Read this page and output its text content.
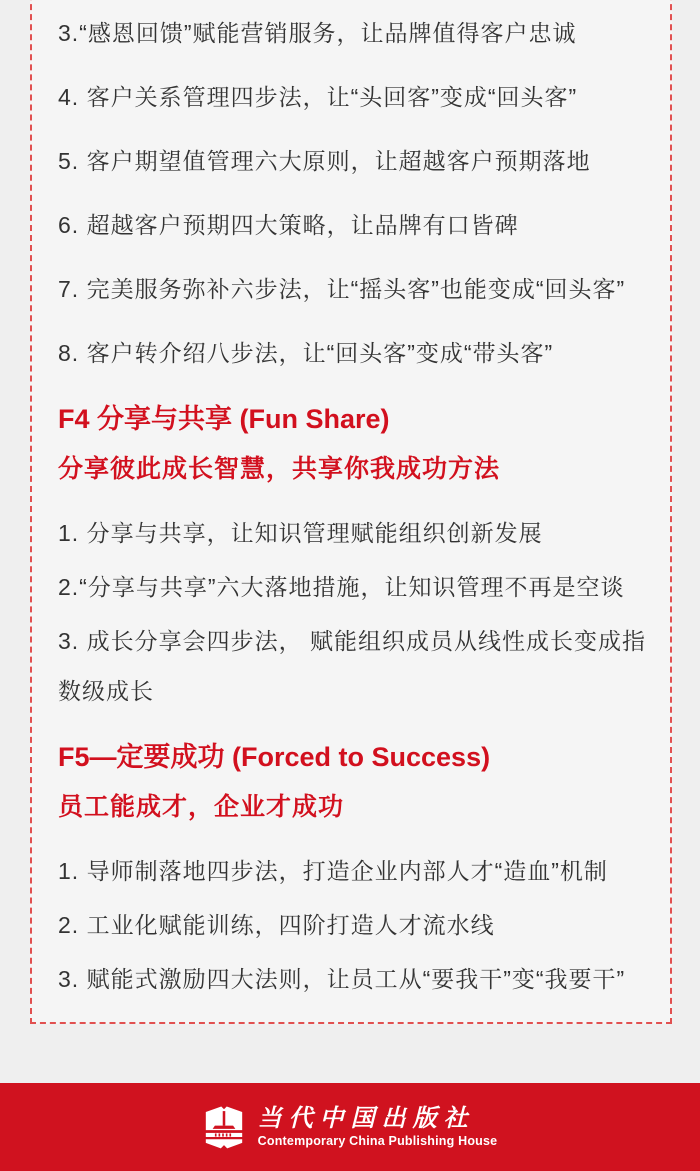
3.“感恩回馈”赋能营销服务，让品牌值得客户忠诚

4. 客户关系管理四步法，让“头回客”变成“回头客”

5. 客户期望值管理六大原则，让超越客户预期落地

6. 超越客户预期四大策略，让品牌有口皆碑

7. 完美服务弥补六步法，让“摇头客”也能变成“回头客”

8. 客户转介绍八步法，让“回头客”变成“带头客”

F4 分享与共享 (Fun Share)
分享彼此成长智慧，共享你我成功方法

1. 分享与共享，让知识管理赋能组织创新发展

2.“分享与共享”六大落地措施，让知识管理不再是空谈

3. 成长分享会四步法， 赋能组织成员从线性成长变成指数级成长

F5—定要成功 (Forced to Success)
员工能成才，企业才成功

1. 导师制落地四步法，打造企业内部人才“造血”机制

2. 工业化赋能训练，四阶打造人才流水线

3. 赋能式激励四大法则，让员工从“要我干”变“我要干”

当代中国出版社
Contemporary China Publishing House
